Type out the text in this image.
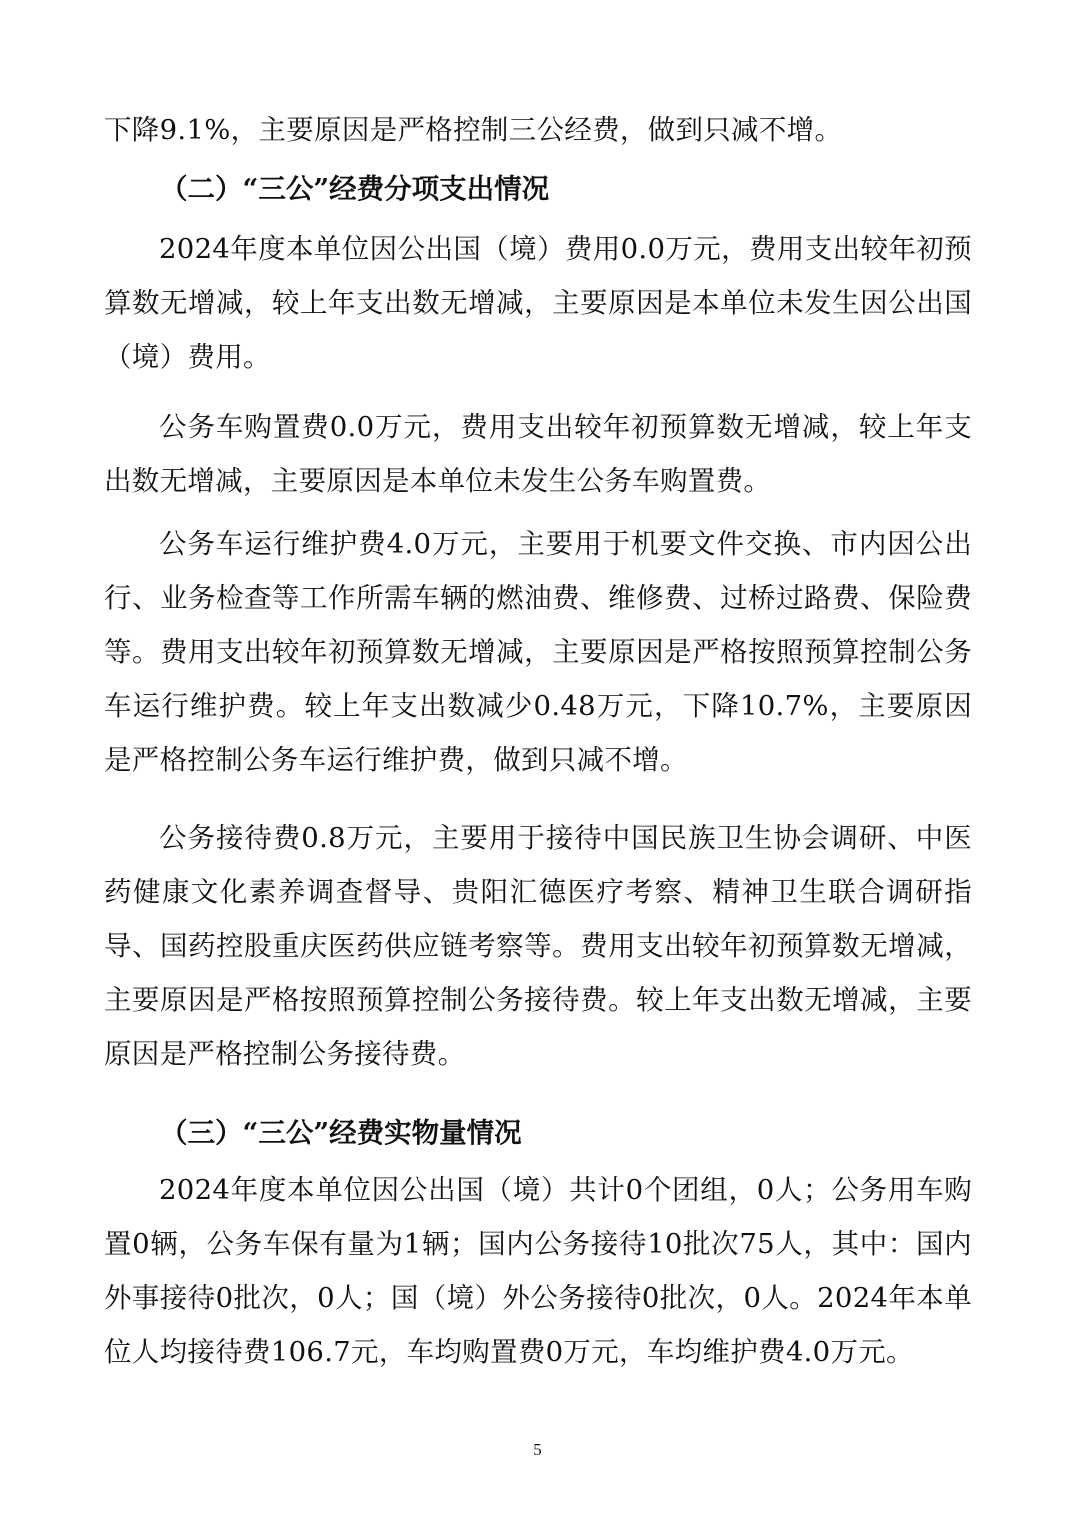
下降9.1%，主要原因是严格控制三公经费，做到只减不增。
（二）“三公”经费分项支出情况
2024年度本单位因公出国（境）费用0.0万元，费用支出较年初预算数无增减，较上年支出数无增减，主要原因是本单位未发生因公出国（境）费用。
公务车购置费0.0万元，费用支出较年初预算数无增减，较上年支出数无增减，主要原因是本单位未发生公务车购置费。
公务车运行维护费4.0万元，主要用于机要文件交换、市内因公出行、业务检查等工作所需车辆的燃油费、维修费、过桥过路费、保险费等。费用支出较年初预算数无增减，主要原因是严格按照预算控制公务车运行维护费。较上年支出数减少0.48万元，下降10.7%，主要原因是严格控制公务车运行维护费，做到只减不增。
公务接待费0.8万元，主要用于接待中国民族卫生协会调研、中医药健康文化素养调查督导、贵阳汇德医疗考察、精神卫生联合调研指导、国药控股重庆医药供应链考察等。费用支出较年初预算数无增减，主要原因是严格按照预算控制公务接待费。较上年支出数无增减，主要原因是严格控制公务接待费。
（三）“三公”经费实物量情况
2024年度本单位因公出国（境）共计0个团组，0人；公务用车购置0辆，公务车保有量为1辆；国内公务接待10批次75人，其中：国内外事接待0批次，0人；国（境）外公务接待0批次，0人。2024年本单位人均接待费106.7元，车均购置费0万元，车均维护费4.0万元。
5
